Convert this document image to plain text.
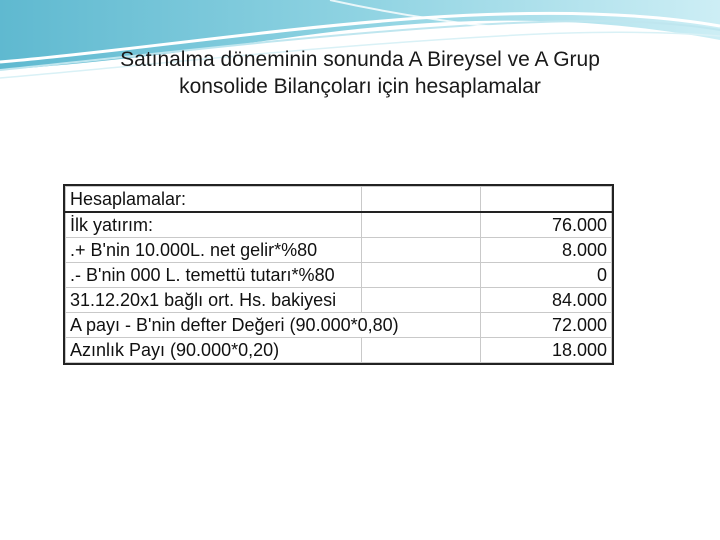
Satınalma döneminin sonunda A Bireysel ve A Grup
konsolide Bilançoları için hesaplamalar
Hesaplamalar:		
İlk yatırım:		76.000
.+ B'nin 10.000L. net gelir*%80		8.000
.- B'nin 000 L. temettü tutarı*%80		0
31.12.20x1 bağlı ort. Hs. bakiyesi		84.000
A payı - B'nin defter Değeri (90.000*0,80)		72.000
Azınlık Payı (90.000*0,20)		18.000
